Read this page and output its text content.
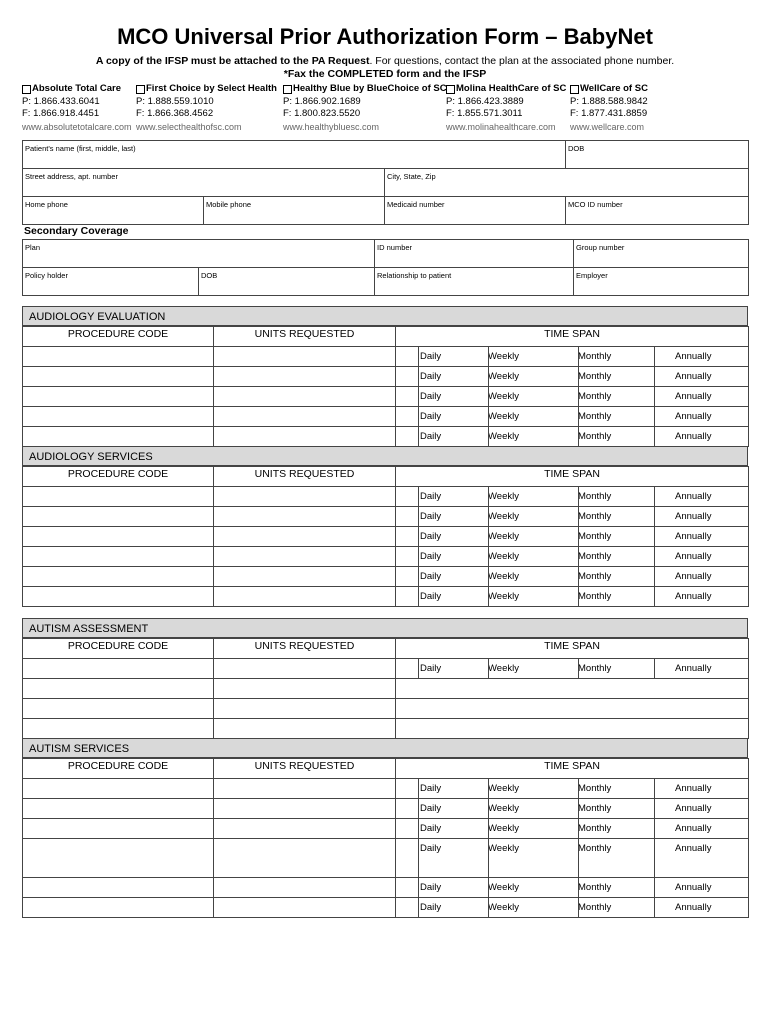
MCO Universal Prior Authorization Form – BabyNet
A copy of the IFSP must be attached to the PA Request. For questions, contact the plan at the associated phone number.
*Fax the COMPLETED form and the IFSP
Absolute Total Care
P: 1.866.433.6041
F: 1.866.918.4451
www.absolutetotalcare.com
First Choice by Select Health
P: 1.888.559.1010
F: 1.866.368.4562
www.selecthealthofsc.com
Healthy Blue by BlueChoice of SC
P: 1.866.902.1689
F: 1.800.823.5520
www.healthybluesc.com
Molina HealthCare of SC
P: 1.866.423.3889
F: 1.855.571.3011
www.molinahealthcare.com
WellCare of SC
P: 1.888.588.9842
F: 1.877.431.8859
www.wellcare.com
Patient's name (first, middle, last)			DOB
Street address, apt. number		City, State, Zip	
Home phone	Mobile phone	Medicaid number	MCO ID number
Secondary Coverage
Plan		ID number	Group number
Policy holder	DOB	Relationship to patient	Employer
AUDIOLOGY EVALUATION
PROCEDURE CODE	UNITS REQUESTED	TIME SPAN

		Daily Weekly Monthly Annually

		Daily Weekly Monthly Annually

		Daily Weekly Monthly Annually

		Daily Weekly Monthly Annually

		Daily Weekly Monthly Annually
AUDIOLOGY SERVICES
PROCEDURE CODE	UNITS REQUESTED	TIME SPAN

		Daily Weekly Monthly Annually

		Daily Weekly Monthly Annually

		Daily Weekly Monthly Annually

		Daily Weekly Monthly Annually

		Daily Weekly Monthly Annually

		Daily Weekly Monthly Annually
AUTISM ASSESSMENT
PROCEDURE CODE	UNITS REQUESTED	TIME SPAN

		Daily Weekly Monthly Annually

AUTISM SERVICES
PROCEDURE CODE	UNITS REQUESTED	TIME SPAN

		Daily Weekly Monthly Annually

		Daily Weekly Monthly Annually

		Daily Weekly Monthly Annually

		Daily Weekly Monthly Annually

		Daily Weekly Monthly Annually

		Daily Weekly Monthly Annually
